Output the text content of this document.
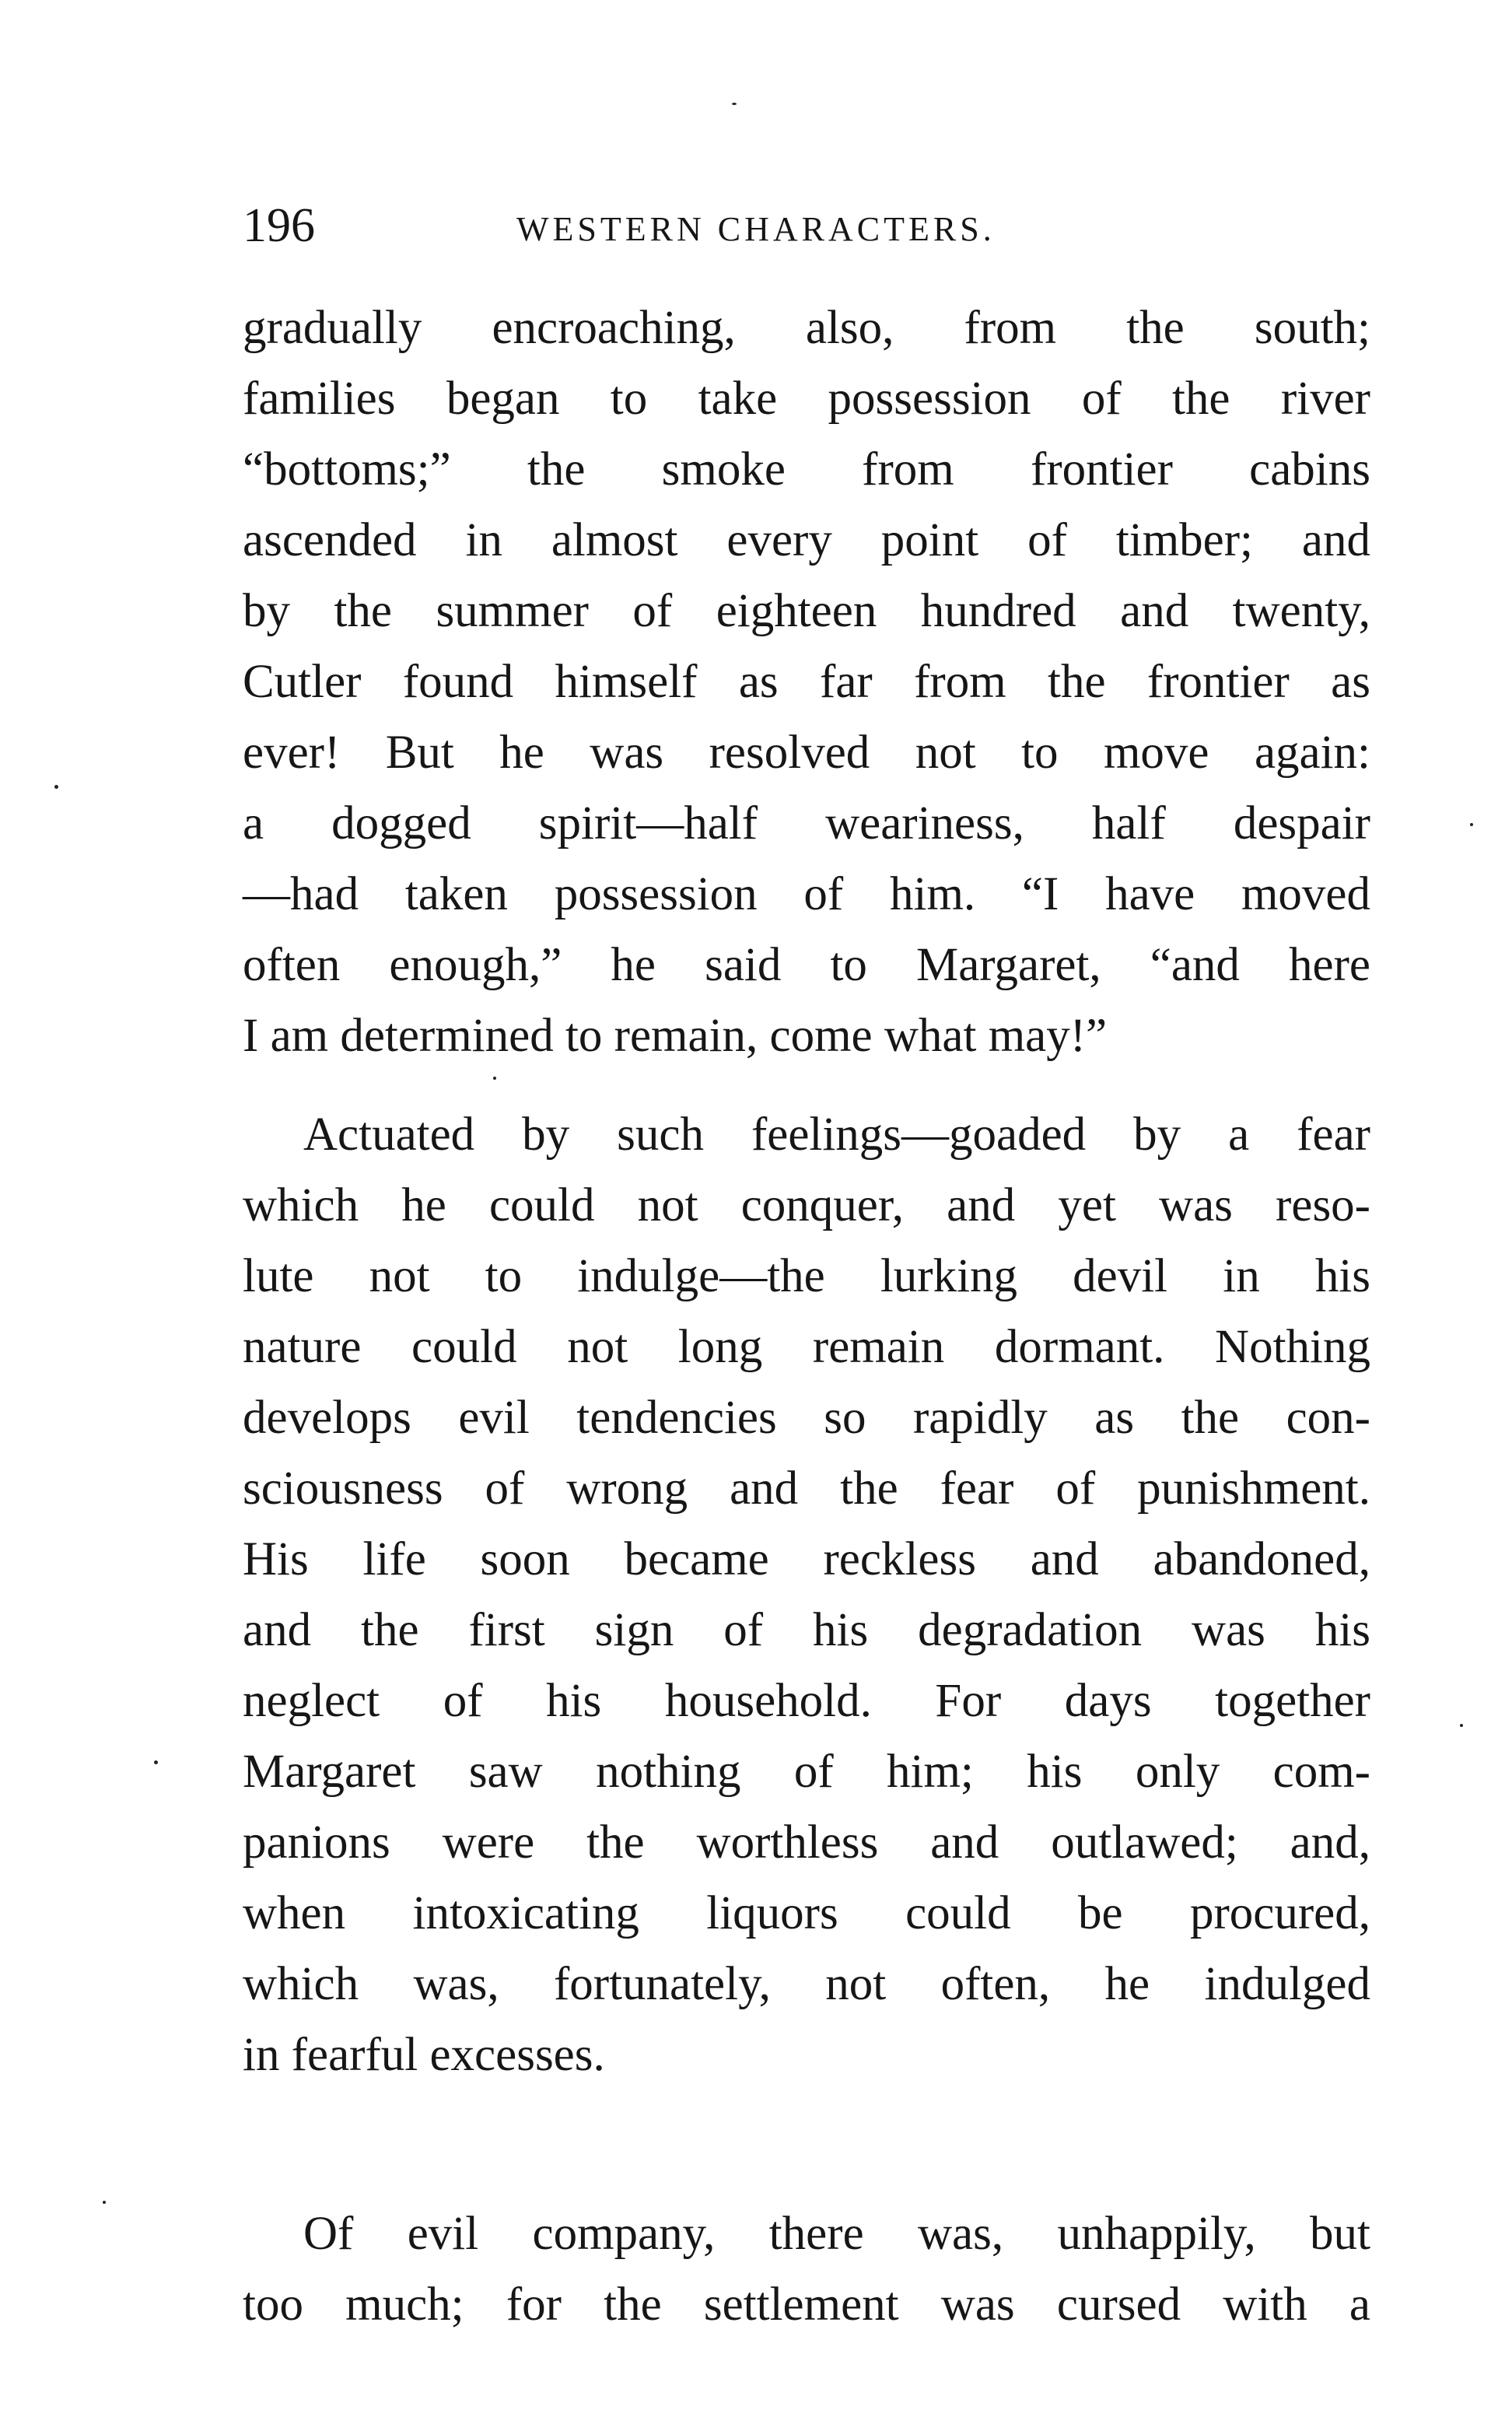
196	WESTERN CHARACTERS.
gradually encroaching, also, from the south;
families began to take possession of the river
“bottoms;” the smoke from frontier cabins
ascended in almost every point of timber; and
by the summer of eighteen hundred and twenty,
Cutler found himself as far from the frontier as
ever! But he was resolved not to move again:
a dogged spirit—half weariness, half despair
—had taken possession of him. “I have moved
often enough,” he said to Margaret, “and here
I am determined to remain, come what may!”
Actuated by such feelings—goaded by a fear
which he could not conquer, and yet was reso-
lute not to indulge—the lurking devil in his
nature could not long remain dormant. Nothing
develops evil tendencies so rapidly as the con-
sciousness of wrong and the fear of punishment.
His life soon became reckless and abandoned,
and the first sign of his degradation was his
neglect of his household. For days together
Margaret saw nothing of him; his only com-
panions were the worthless and outlawed; and,
when intoxicating liquors could be procured,
which was, fortunately, not often, he indulged
in fearful excesses.
Of evil company, there was, unhappily, but
too much; for the settlement was cursed with a
